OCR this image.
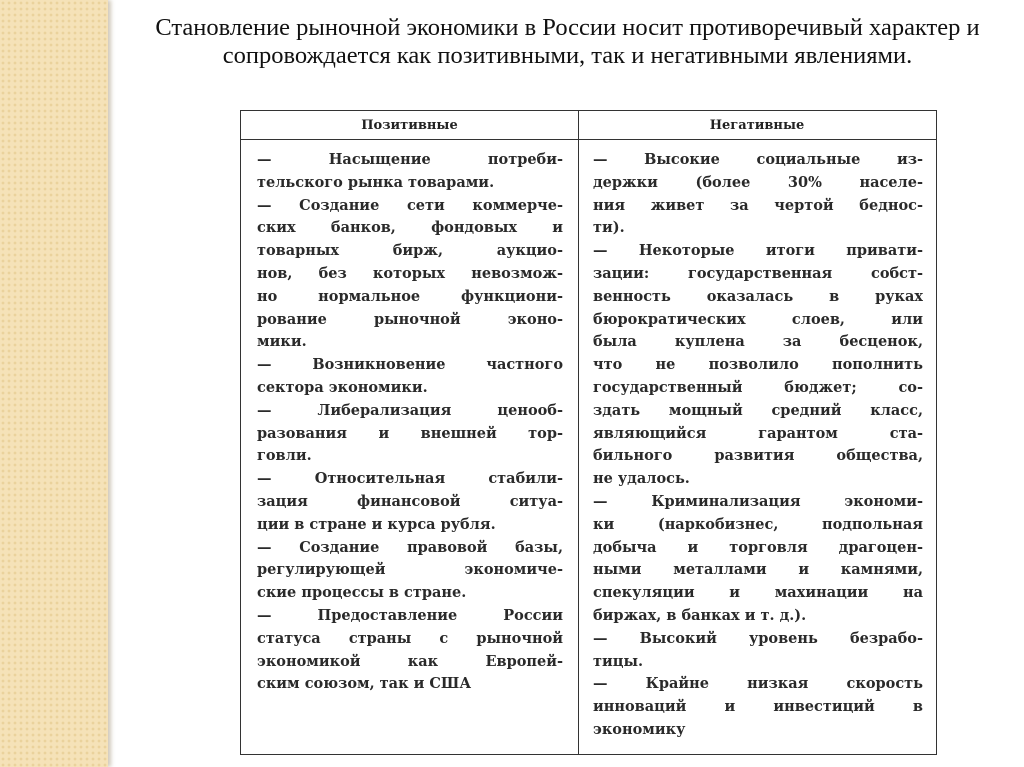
Становление рыночной экономики в России носит противоречивый характер и сопровождается как позитивными, так и негативными явлениями.
Позитивные	Негативные
— Насыщение потреби-
тельского рынка товарами.
— Создание сети коммерче-
ских банков, фондовых и
товарных бирж, аукцио-
нов, без которых невозмож-
но нормальное функциони-
рование рыночной эконо-
мики.
— Возникновение частного
сектора экономики.
— Либерализация ценооб-
разования и внешней тор-
говли.
— Относительная стабили-
зация финансовой ситуа-
ции в стране и курса рубля.
— Создание правовой базы,
регулирующей экономиче-
ские процессы в стране.
— Предоставление России
статуса страны с рыночной
экономикой как Европей-
ским союзом, так и США
— Высокие социальные из-
держки (более 30% населе-
ния живет за чертой беднос-
ти).
— Некоторые итоги привати-
зации: государственная собст-
венность оказалась в руках
бюрократических слоев, или
была куплена за бесценок,
что не позволило пополнить
государственный бюджет; со-
здать мощный средний класс,
являющийся гарантом ста-
бильного развития общества,
не удалось.
— Криминализация экономи-
ки (наркобизнес, подпольная
добыча и торговля драгоцен-
ными металлами и камнями,
спекуляции и махинации на
биржах, в банках и т. д.).
— Высокий уровень безрабо-
тицы.
— Крайне низкая скорость
инноваций и инвестиций в
экономику
